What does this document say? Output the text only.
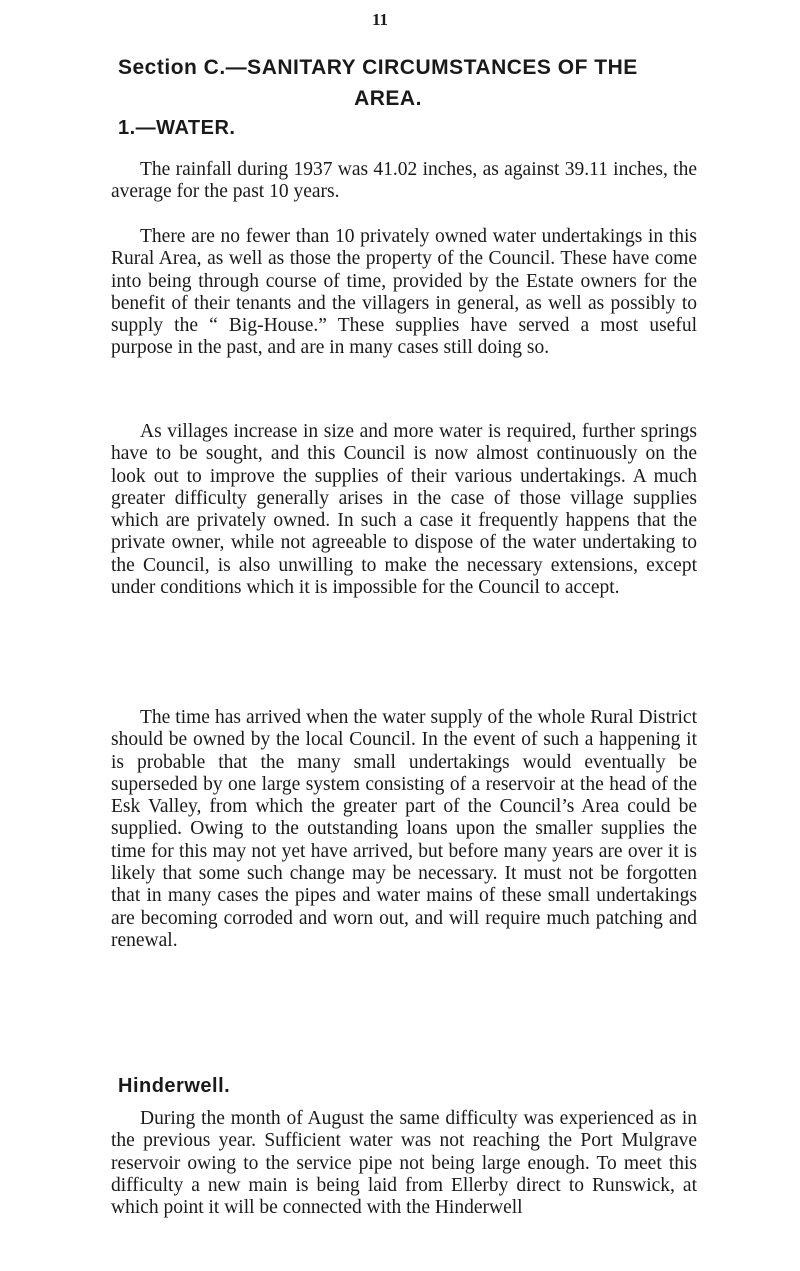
11
Section C.—SANITARY CIRCUMSTANCES OF THE
AREA.
1.—WATER.

The rainfall during 1937 was 41.02 inches, as against 39.11 inches, the average for the past 10 years.

There are no fewer than 10 privately owned water undertakings in this Rural Area, as well as those the property of the Council. These have come into being through course of time, provided by the Estate owners for the benefit of their tenants and the villagers in general, as well as possibly to supply the “ Big-House.” These supplies have served a most useful purpose in the past, and are in many cases still doing so.

As villages increase in size and more water is required, further springs have to be sought, and this Council is now almost continuously on the look out to improve the supplies of their various undertakings. A much greater difficulty generally arises in the case of those village supplies which are privately owned. In such a case it frequently happens that the private owner, while not agreeable to dispose of the water undertaking to the Council, is also unwilling to make the necessary extensions, except under conditions which it is impossible for the Council to accept.

The time has arrived when the water supply of the whole Rural District should be owned by the local Council. In the event of such a happening it is probable that the many small undertakings would eventually be superseded by one large system consisting of a reservoir at the head of the Esk Valley, from which the greater part of the Council’s Area could be supplied. Owing to the outstanding loans upon the smaller supplies the time for this may not yet have arrived, but before many years are over it is likely that some such change may be necessary. It must not be forgotten that in many cases the pipes and water mains of these small undertakings are becoming corroded and worn out, and will require much patching and renewal.

Hinderwell.

During the month of August the same difficulty was experienced as in the previous year. Sufficient water was not reaching the Port Mulgrave reservoir owing to the service pipe not being large enough. To meet this difficulty a new main is being laid from Ellerby direct to Runswick, at which point it will be connected with the Hinderwell
